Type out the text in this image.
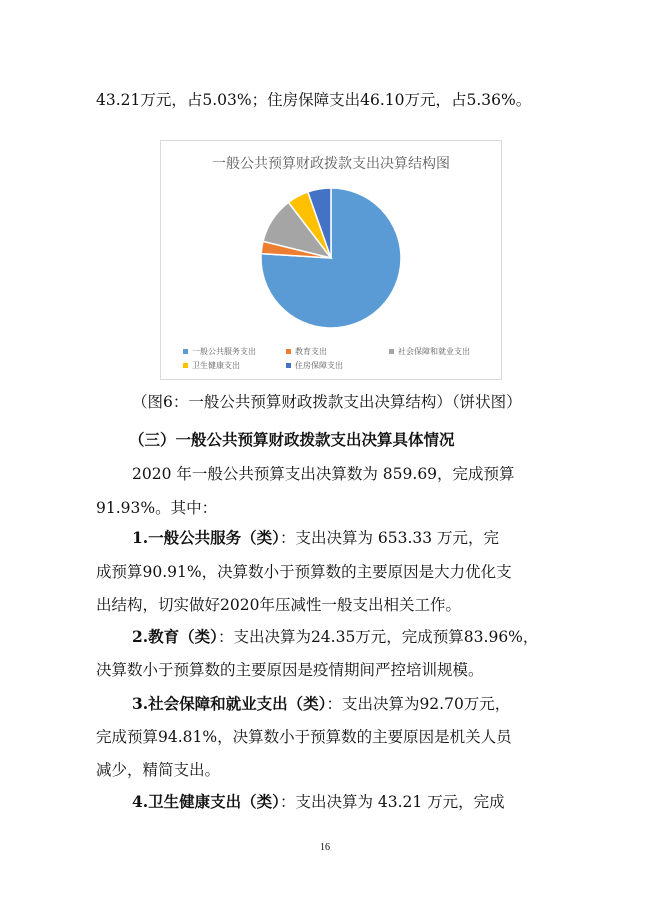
43.21万元，占5.03%；住房保障支出46.10万元，占5.36%。
一般公共预算财政拨款支出决算结构图
一般公共服务支出	教育支出	社会保障和就业支出
卫生健康支出	住房保障支出
（图6：一般公共预算财政拨款支出决算结构）（饼状图）
（三）一般公共预算财政拨款支出决算具体情况
2020 年一般公共预算支出决算数为 859.69，完成预算
91.93%。其中：
1.一般公共服务（类）：支出决算为 653.33 万元，完
成预算90.91%，决算数小于预算数的主要原因是大力优化支
出结构，切实做好2020年压减性一般支出相关工作。
2.教育（类）：支出决算为24.35万元，完成预算83.96%，
决算数小于预算数的主要原因是疫情期间严控培训规模。
3.社会保障和就业支出（类）：支出决算为92.70万元，
完成预算94.81%，决算数小于预算数的主要原因是机关人员
减少，精简支出。
4.卫生健康支出（类）：支出决算为 43.21 万元，完成
16
